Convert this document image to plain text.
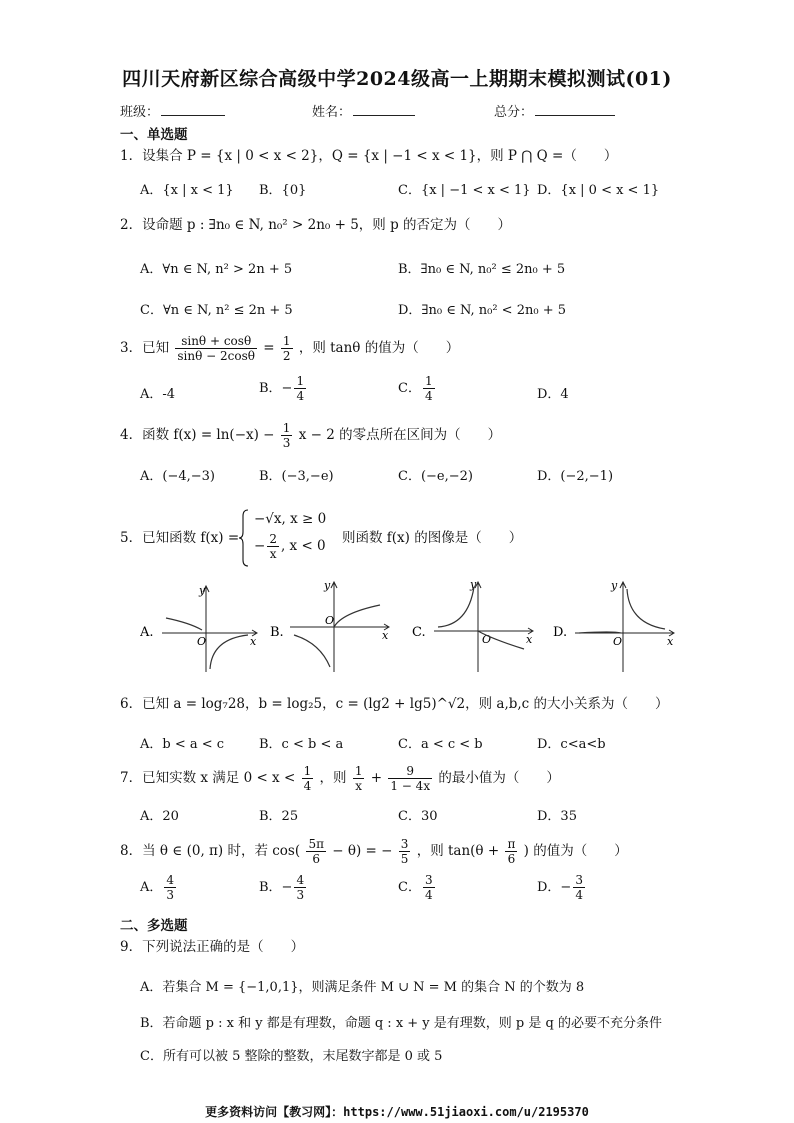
四川天府新区综合高级中学2024级高一上期期末模拟测试(01)
班级：	姓名：	总分：
一、单选题
1．设集合 P = {x | 0 < x < 2}，Q = {x | −1 < x < 1}，则 P ⋂ Q =（　　）
A．{x | x < 1} B．{0}	C．{x | −1 < x < 1} D．{x | 0 < x < 1}
2．设命题 p : ∃n₀ ∈ N, n₀² > 2n₀ + 5，则 p 的否定为（　　）
A．∀n ∈ N, n² > 2n + 5	B．∃n₀ ∈ N, n₀² ≤ 2n₀ + 5
C．∀n ∈ N, n² ≤ 2n + 5	D．∃n₀ ∈ N, n₀² < 2n₀ + 5
3．已知 $\frac{\sin\theta + \cos\theta}{\sin\theta - 2\cos\theta} = \frac{1}{2}$ ，则 tanθ 的值为（　　）
A．-4	B．− $\frac{1}{4}$	C． $\frac{1}{4}$	D．4
4．函数 $f(x) = \ln(-x) - \frac{1}{3}$ x − 2 的零点所在区间为（　　）
A．(−4,−3)	B．(−3,−e)	C．(−e,−2)	D．(−2,−1)
5．已知函数 f(x) =
−√x, x ≥ 0
− $\frac{2}{x}$ , x < 0 则函数 f(x) 的图像是（　　）
A.
y
x
O
B.
y
x
O
C.
y
x
O	D.
y
x
O
6．已知 a = log₇28，b = log₂5，c = (lg2 + lg5)^√2，则 a,b,c 的大小关系为（　　）
A．b < a < c	B．c < b < a	C．a < c < b	D．c<a<b
7．已知实数 x 满足 $0 < x < \frac{1}{4}$ ，则 $\frac{1}{x} + \frac{9}{1 - 4x}$ 的最小值为（　　）
A．20	B．25	C．30	D．35
8．当 θ ∈ (0, π) 时，若 $\cos( \frac{5\pi}{6} - \theta)$ = − $\frac{3}{5}$ ，则 $\tan(\theta + \frac{\pi}{6}$ ) 的值为（　　）
A． $\frac{4}{3}$	B．− $\frac{4}{3}$	C． $\frac{3}{4}$	D．− $\frac{3}{4}$
二、多选题
9．下列说法正确的是（　　）
A．若集合 M = {−1,0,1}，则满足条件 M ∪ N = M 的集合 N 的个数为 8
B．若命题 p : x 和 y 都是有理数，命题 q : x + y 是有理数，则 p 是 q 的必要不充分条件
C．所有可以被 5 整除的整数，末尾数字都是 0 或 5
更多资料访问【教习网】：https://www.51jiaoxi.com/u/2195370
